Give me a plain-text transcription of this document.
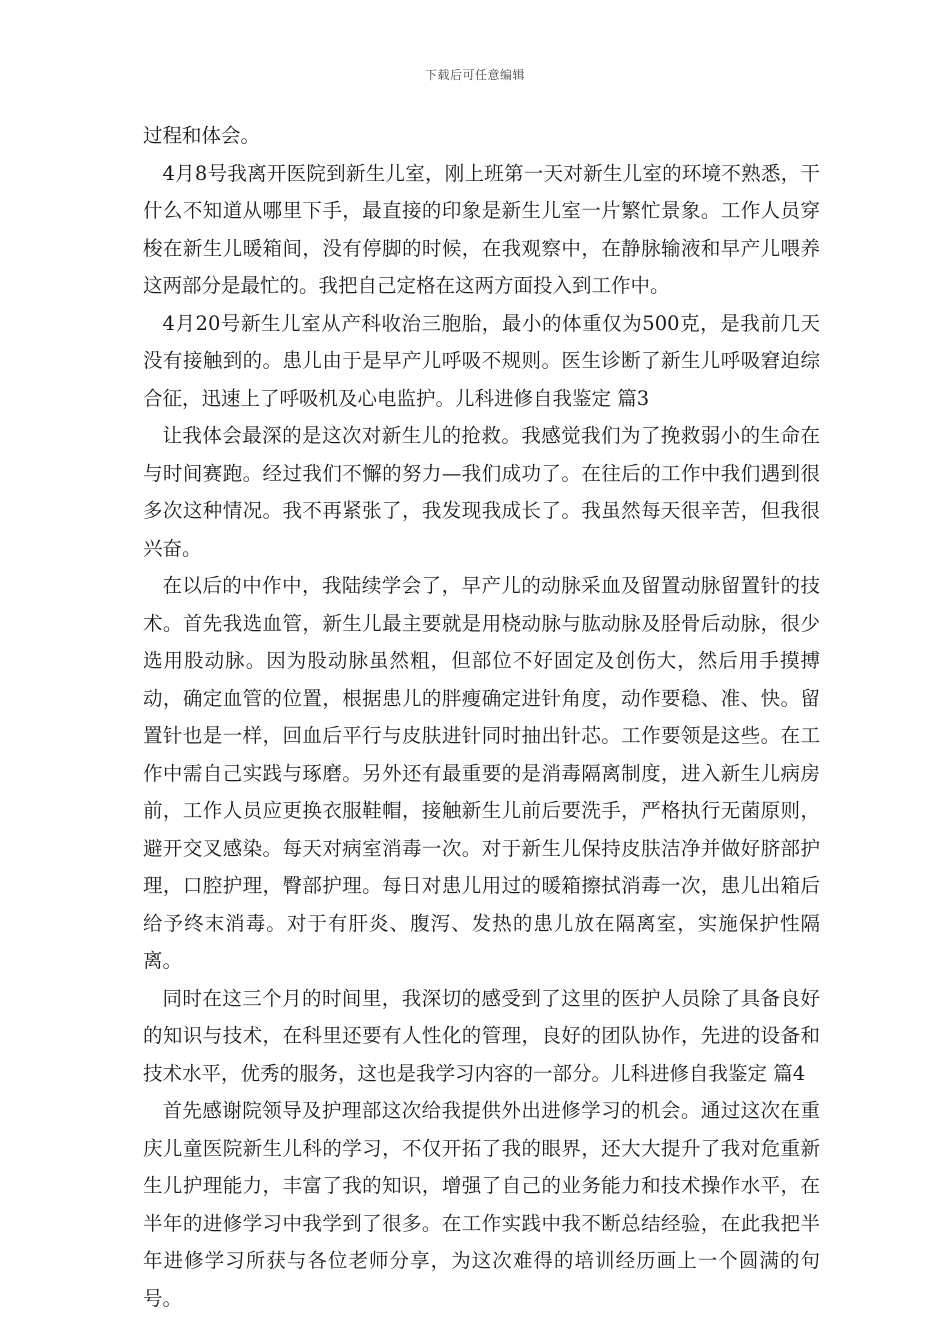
下载后可任意编辑

过程和体会。

4月8号我离开医院到新生儿室，刚上班第一天对新生儿室的环境不熟悉，干什么不知道从哪里下手，最直接的印象是新生儿室一片繁忙景象。工作人员穿梭在新生儿暖箱间，没有停脚的时候，在我观察中，在静脉输液和早产儿喂养这两部分是最忙的。我把自己定格在这两方面投入到工作中。

4月20号新生儿室从产科收治三胞胎，最小的体重仅为500克，是我前几天没有接触到的。患儿由于是早产儿呼吸不规则。医生诊断了新生儿呼吸窘迫综合征，迅速上了呼吸机及心电监护。儿科进修自我鉴定 篇3

让我体会最深的是这次对新生儿的抢救。我感觉我们为了挽救弱小的生命在与时间赛跑。经过我们不懈的努力—我们成功了。在往后的工作中我们遇到很多次这种情况。我不再紧张了，我发现我成长了。我虽然每天很辛苦，但我很兴奋。

在以后的中作中，我陆续学会了，早产儿的动脉采血及留置动脉留置针的技术。首先我选血管，新生儿最主要就是用桡动脉与肱动脉及胫骨后动脉，很少选用股动脉。因为股动脉虽然粗，但部位不好固定及创伤大，然后用手摸搏动，确定血管的位置，根据患儿的胖瘦确定进针角度，动作要稳、准、快。留置针也是一样，回血后平行与皮肤进针同时抽出针芯。工作要领是这些。在工作中需自己实践与琢磨。另外还有最重要的是消毒隔离制度，进入新生儿病房前，工作人员应更换衣服鞋帽，接触新生儿前后要洗手，严格执行无菌原则，避开交叉感染。每天对病室消毒一次。对于新生儿保持皮肤洁净并做好脐部护理，口腔护理，臀部护理。每日对患儿用过的暖箱擦拭消毒一次，患儿出箱后给予终末消毒。对于有肝炎、腹泻、发热的患儿放在隔离室，实施保护性隔离。

同时在这三个月的时间里，我深切的感受到了这里的医护人员除了具备良好的知识与技术，在科里还要有人性化的管理，良好的团队协作，先进的设备和技术水平，优秀的服务，这也是我学习内容的一部分。儿科进修自我鉴定 篇4

首先感谢院领导及护理部这次给我提供外出进修学习的机会。通过这次在重庆儿童医院新生儿科的学习，不仅开拓了我的眼界，还大大提升了我对危重新生儿护理能力，丰富了我的知识，增强了自己的业务能力和技术操作水平，在半年的进修学习中我学到了很多。在工作实践中我不断总结经验，在此我把半年进修学习所获与各位老师分享，为这次难得的培训经历画上一个圆满的句号。
